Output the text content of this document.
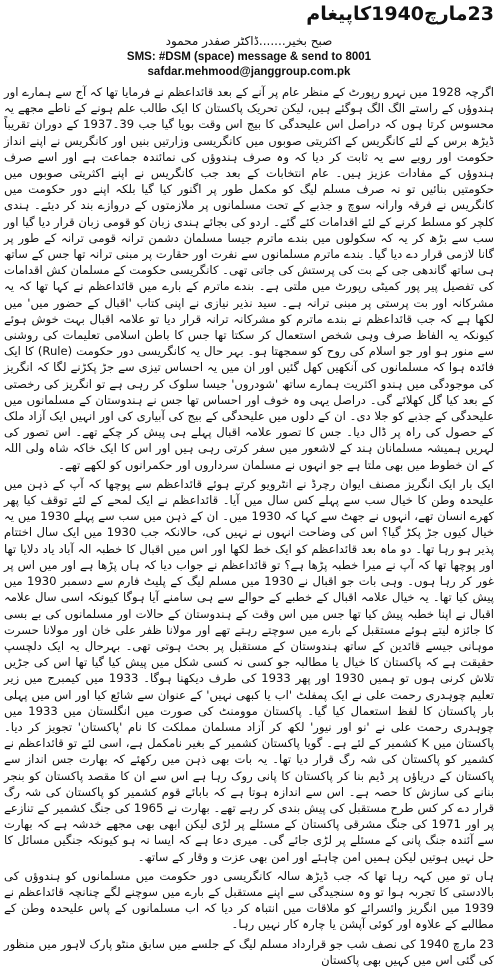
23مارچ1940کاپیغام
صبح بخیر.......ڈاکٹر صفدر محمود
SMS: #DSM (space) message & send to 8001
safdar.mehmood@janggroup.com.pk

اگرچہ 1928 میں نہرو رپورٹ کے منظر عام پر آنے کے بعد قائداعظم نے فرمایا تھا کہ آج سے ہمارے اور ہندوؤں کے راستے الگ الگ ہوگئے ہیں، لیکن تحریک پاکستان کا ایک طالب علم ہونے کے ناطے مجھے یہ محسوس کرتا ہوں کہ دراصل اس علیحدگی کا بیج اس وقت بویا گیا جب 39۔1937 کے دوران تقریباً ڈیڑھ برس کے لئے کانگریس کے اکثریتی صوبوں میں کانگریسی وزارتیں بنیں اور کانگریس نے اپنے انداز حکومت اور رویے سے یہ ثابت کر دیا کہ وہ صرف ہندوؤں کی نمائندہ جماعت ہے اور اسے صرف ہندوؤں کے مفادات عزیز ہیں۔ عام انتخابات کے بعد جب کانگریس نے اپنے اکثریتی صوبوں میں حکومتیں بنائیں تو نہ صرف مسلم لیگ کو مکمل طور پر اگنور کیا گیا بلکہ اپنے دور حکومت میں کانگریس نے فرقہ وارانہ سوچ و جذبے کے تحت مسلمانوں پر ملازمتوں کے دروازے بند کر دیئے۔ ہندی کلچر کو مسلط کرنے کے لئے اقدامات کئے گئے۔ اردو کی بجائے ہندی زبان کو قومی زبان قرار دیا گیا اور سب سے بڑھ کر یہ کہ سکولوں میں بندے ماترم جیسا مسلمان دشمن ترانہ قومی ترانہ کے طور پر گانا لازمی قرار دے دیا گیا۔ بندے ماترم مسلمانوں سے نفرت اور حقارت پر مبنی ترانہ تھا جس کے ساتھ ہی ساتھ گاندھی جی کے بت کی پرستش کی جاتی تھی۔ کانگریسی حکومت کے مسلمان کش اقدامات کی تفصیل پیر پور کمیٹی رپورٹ میں ملتی ہے۔ بندے ماترم کے بارے میں قائداعظم نے کہا تھا کہ یہ مشرکانہ اور بت پرستی پر مبنی ترانہ ہے۔ سید نذیر نیازی نے اپنی کتاب 'اقبال کے حضور میں' میں لکھا ہے کہ جب قائداعظم نے بندے ماترم کو مشرکانہ ترانہ قرار دیا تو علامہ اقبال بہت خوش ہوئے کیونکہ یہ الفاظ صرف وہی شخص استعمال کر سکتا تھا جس کا باطن اسلامی تعلیمات کی روشنی سے منور ہو اور جو اسلام کی روح کو سمجھتا ہو۔ بہر حال یہ کانگریسی دور حکومت (Rule) کا ایک فائدہ ہوا کہ مسلمانوں کی آنکھیں کھل گئیں اور ان میں یہ احساس تیزی سے جڑ پکڑنے لگا کہ انگریز کی موجودگی میں ہندو اکثریت ہمارے ساتھ 'شودروں' جیسا سلوک کر رہی ہے تو انگریز کی رخصتی کے بعد کیا گل کھلائے گی۔ دراصل یہی وہ خوف اور احساس تھا جس نے ہندوستان کے مسلمانوں میں علیحدگی کے جذبے کو جلا دی۔ ان کے دلوں میں علیحدگی کے بیج کی آبیاری کی اور انہیں ایک آزاد ملک کے حصول کی راہ پر ڈال دیا۔ جس کا تصور علامہ اقبال پہلے ہی پیش کر چکے تھے۔ اس تصور کی لہریں ہمیشہ مسلمانان ہند کے لاشعور میں سفر کرتی رہی ہیں اور اس کا ایک خاکہ شاہ ولی اللہ کے ان خطوط میں بھی ملتا ہے جو انہوں نے مسلمان سرداروں اور حکمرانوں کو لکھے تھے۔

ایک بار ایک انگریز مصنف ایوان رچرڈ نے انٹرویو کرتے ہوئے قائداعظم سے پوچھا کہ آپ کے ذہن میں علیحدہ وطن کا خیال سب سے پہلے کس سال میں آیا۔ قائداعظم نے ایک لمحے کے لئے توقف کیا پھر کھرے انسان تھے، انہوں نے جھٹ سے کہا کہ 1930 میں۔ ان کے ذہن میں سب سے پہلے 1930 میں یہ خیال کیوں جڑ پکڑ گیا؟ اس کی وضاحت انہوں نے نہیں کی، حالانکہ جب 1930 میں ایک سال اختتام پذیر ہو رہا تھا۔ دو ماہ بعد قائداعظم کو ایک خط لکھا اور اس میں اقبال کا خطبہ الہ آباد یاد دلایا تھا اور پوچھا تھا کہ آپ نے میرا خطبہ پڑھا ہے؟ تو قائداعظم نے جواب دیا کہ ہاں پڑھا ہے اور میں اس پر غور کر رہا ہوں۔ وہی بات جو اقبال نے 1930 میں مسلم لیگ کے پلیٹ فارم سے دسمبر 1930 میں پیش کیا تھا۔ یہ خیال علامہ اقبال کے خطبے کے حوالے سے ہی سامنے آیا ہوگا کیونکہ اسی سال علامہ اقبال نے اپنا خطبہ پیش کیا تھا جس میں اس وقت کے ہندوستان کے حالات اور مسلمانوں کی بے بسی کا جائزہ لیتے ہوئے مستقبل کے بارے میں سوچتے رہتے تھے اور مولانا ظفر علی خان اور مولانا حسرت موہانی جیسے قائدین کے ساتھ ہندوستان کے مستقبل پر بحث ہوتی تھی۔ بہرحال یہ ایک دلچسپ حقیقت ہے کہ پاکستان کا خیال یا مطالبہ جو کسی نہ کسی شکل میں پیش کیا گیا تھا اس کی جڑیں تلاش کرنی ہوں تو ہمیں 1930 اور پھر 1933 کی طرف دیکھنا ہوگا۔ 1933 میں کیمبرج میں زیر تعلیم چوہدری رحمت علی نے ایک پمفلٹ 'اب یا کبھی نہیں' کے عنوان سے شائع کیا اور اس میں پہلی بار پاکستان کا لفظ استعمال کیا گیا۔ پاکستان موومنٹ کی صورت میں انگلستان میں 1933 میں چوہدری رحمت علی نے 'نو اور نیور' لکھ کر آزاد مسلمان مملکت کا نام 'پاکستان' تجویز کر دیا۔ پاکستان میں K کشمیر کے لئے ہے۔ گویا پاکستان کشمیر کے بغیر نامکمل ہے، اسی لئے تو قائداعظم نے کشمیر کو پاکستان کی شہ رگ قرار دیا تھا۔ یہ بات بھی ذہن میں رکھئے کہ بھارت جس انداز سے پاکستان کے دریاؤں پر ڈیم بنا کر پاکستان کا پانی روک رہا ہے اس سے ان کا مقصد پاکستان کو بنجر بنانے کی سازش کا حصہ ہے۔ اس سے اندازہ ہوتا ہے کہ بابائے قوم کشمیر کو پاکستان کی شہ رگ قرار دے کر کس طرح مستقبل کی پیش بندی کر رہے تھے۔ بھارت نے 1965 کی جنگ کشمیر کے تنازعے پر اور 1971 کی جنگ مشرقی پاکستان کے مسئلے پر لڑی لیکن ابھی بھی مجھے خدشہ ہے کہ بھارت سے آئندہ جنگ پانی کے مسئلے پر لڑی جائے گی۔ میری دعا ہے کہ ایسا نہ ہو کیونکہ جنگیں مسائل کا حل نہیں ہوتیں لیکن ہمیں امن چاہئے اور امن بھی عزت و وقار کے ساتھ۔

ہاں تو میں کہہ رہا تھا کہ جب ڈیڑھ سالہ کانگریسی دور حکومت میں مسلمانوں کو ہندوؤں کی بالادستی کا تجربہ ہوا تو وہ سنجیدگی سے اپنے مستقبل کے بارے میں سوچنے لگے چنانچہ قائداعظم نے 1939 میں انگریز وائسرائے کو ملاقات میں انتباہ کر دیا کہ اب مسلمانوں کے پاس علیحدہ وطن کے مطالبے کے علاوہ اور کوئی آپشن یا چارہ کار نہیں رہا۔

23 مارچ 1940 کی نصف شب جو قرارداد مسلم لیگ کے جلسے میں سابق منٹو پارک لاہور میں منظور کی گئی اس میں کہیں بھی پاکستان
